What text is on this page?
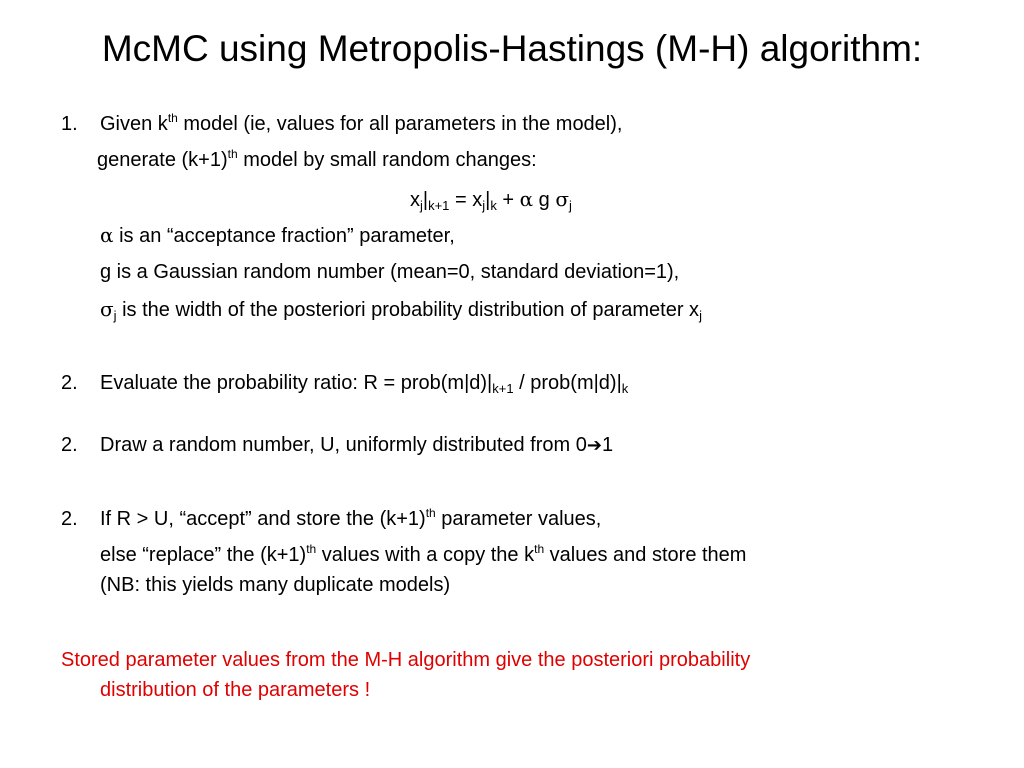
McMC using Metropolis-Hastings (M-H) algorithm:
1. Given $k^{th}$ model (ie, values for all parameters in the model),
generate $(k+1)^{th}$ model by small random changes:
$x_j|_{k+1} = x_j|_k + \alpha$ g $\sigma_j$
α is an “acceptance fraction” parameter,
g is a Gaussian random number (mean=0, standard deviation=1),
$\sigma_j$ is the width of the posteriori probability distribution of parameter $x_j$
2. Evaluate the probability ratio: $R = prob(m|d)|_{k+1}$ / $prob(m|d)|_k$
2. Draw a random number, U, uniformly distributed from 0➔1
2. If R > U, “accept” and store the $(k+1)^{th}$ parameter values,
else “replace” the $(k+1)^{th}$ values with a copy the $k^{th}$ values and store them
(NB: this yields many duplicate models)
Stored parameter values from the M-H algorithm give the posteriori probability
distribution of the parameters !
